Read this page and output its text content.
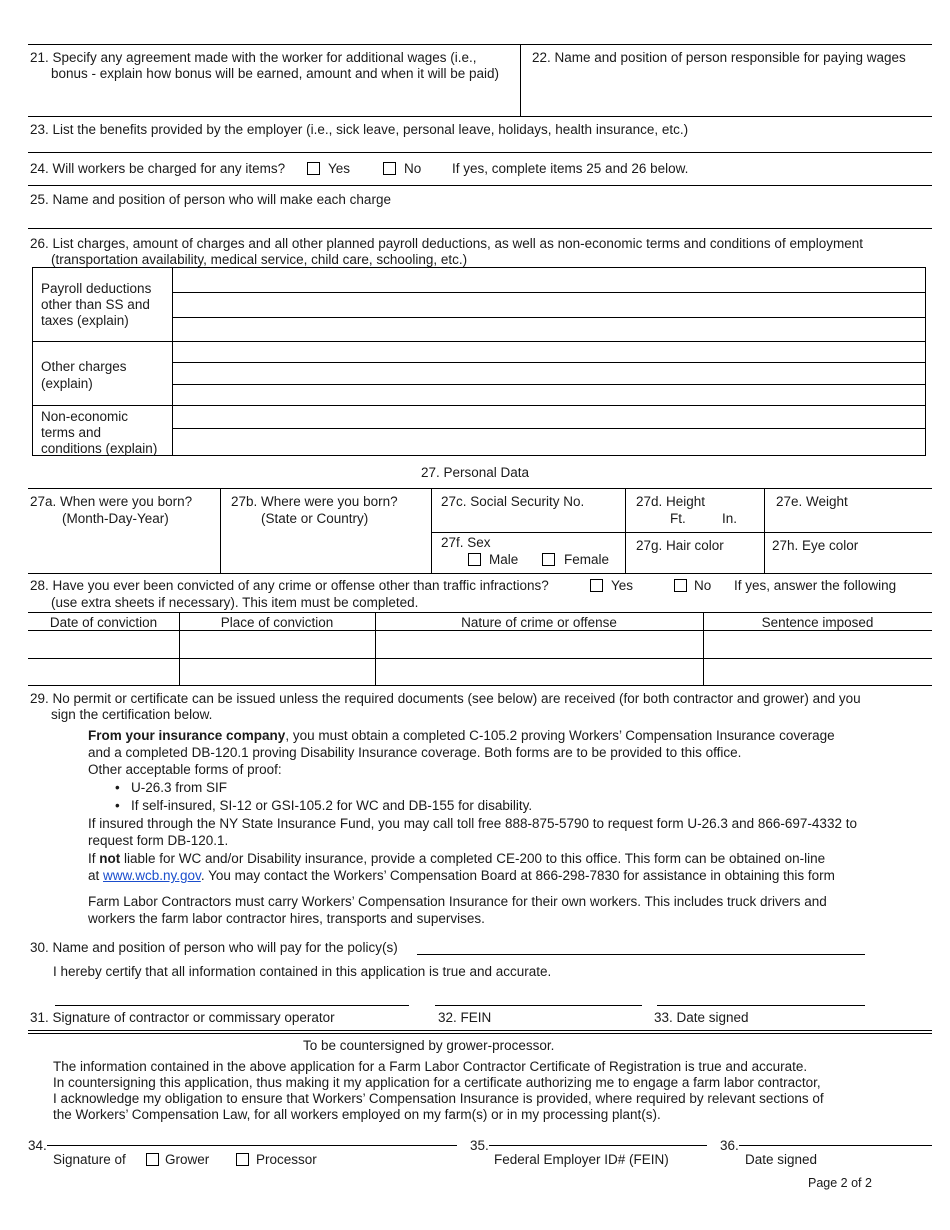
21. Specify any agreement made with the worker for additional wages (i.e.,
bonus - explain how bonus will be earned, amount and when it will be paid)
22. Name and position of person responsible for paying wages
23. List the benefits provided by the employer (i.e., sick leave, personal leave, holidays, health insurance, etc.)
24. Will workers be charged for any items?	Yes	No If yes, complete items 25 and 26 below.
25. Name and position of person who will make each charge
26. List charges, amount of charges and all other planned payroll deductions, as well as non-economic terms and conditions of employment
(transportation availability, medical service, child care, schooling, etc.)
Payroll deductions
other than SS and
taxes (explain)
Other charges
(explain)
Non-economic
terms and
conditions (explain)
27. Personal Data
27a. When were you born?
(Month-Day-Year)
27b. Where were you born?
(State or Country)
27c. Social Security No.	27d. Height
Ft.	In.
27e. Weight
27f. Sex
Male	Female
27g. Hair color	27h. Eye color
28. Have you ever been convicted of any crime or offense other than traffic infractions?	Yes	No If yes, answer the following
(use extra sheets if necessary). This item must be completed.
Date of conviction	Place of conviction	Nature of crime or offense	Sentence imposed
29. No permit or certificate can be issued unless the required documents (see below) are received (for both contractor and grower) and you
sign the certification below.
From your insurance company, you must obtain a completed C-105.2 proving Workers’ Compensation Insurance coverage
and a completed DB-120.1 proving Disability Insurance coverage. Both forms are to be provided to this office.
Other acceptable forms of proof:
• U-26.3 from SIF
• If self-insured, SI-12 or GSI-105.2 for WC and DB-155 for disability.
If insured through the NY State Insurance Fund, you may call toll free 888-875-5790 to request form U-26.3 and 866-697-4332 to
request form DB-120.1.
If not liable for WC and/or Disability insurance, provide a completed CE-200 to this office. This form can be obtained on-line
at www.wcb.ny.gov. You may contact the Workers’ Compensation Board at 866-298-7830 for assistance in obtaining this form
Farm Labor Contractors must carry Workers’ Compensation Insurance for their own workers. This includes truck drivers and
workers the farm labor contractor hires, transports and supervises.
30. Name and position of person who will pay for the policy(s)
I hereby certify that all information contained in this application is true and accurate.
31. Signature of contractor or commissary operator	32. FEIN	33. Date signed
To be countersigned by grower-processor.
The information contained in the above application for a Farm Labor Contractor Certificate of Registration is true and accurate.
In countersigning this application, thus making it my application for a certificate authorizing me to engage a farm labor contractor,
I acknowledge my obligation to ensure that Workers’ Compensation Insurance is provided, where required by relevant sections of
the Workers’ Compensation Law, for all workers employed on my farm(s) or in my processing plant(s).
34.
Signature of	Grower	Processor
35.
Federal Employer ID# (FEIN)
36.
Date signed
Page 2 of 2
